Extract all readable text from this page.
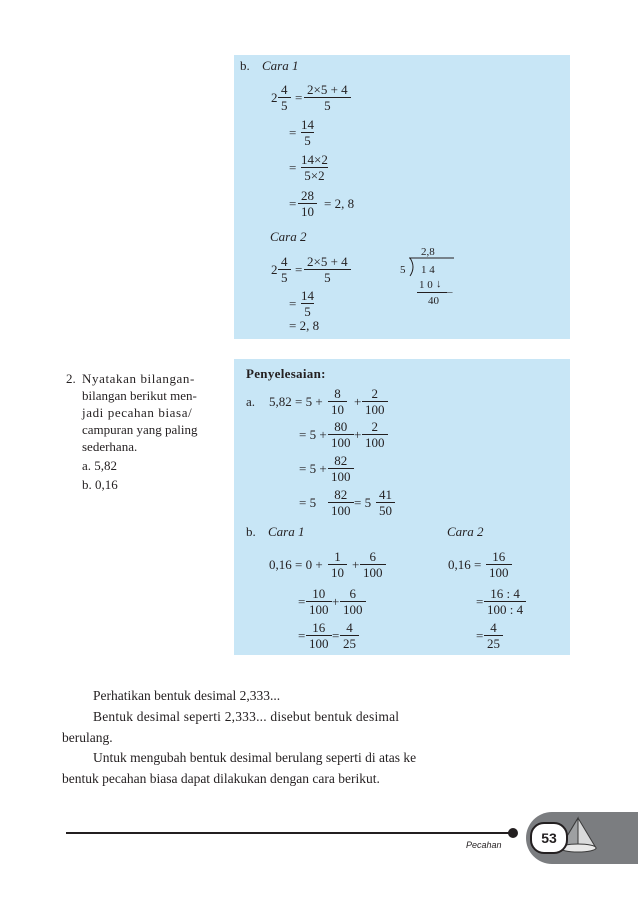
b. Cara 1
$2 \frac{4}{5} = \frac{2\times 5 + 4}{5}$
= $\frac{14}{5}$
= $\frac{14\times 2}{5\times 2}$
= $\frac{28}{10} = 2$, 8
Cara 2
$2 \frac{4}{5} = \frac{2\times 5 + 4}{5}$
= $\frac{14}{5}$
= 2, 8
2,8
5 1 4
1 0 ↓
–
40
2. Nyatakan bilangan-
bilangan berikut men-
jadi pecahan biasa/
campuran yang paling
sederhana.
a. 5,82
b. 0,16
Penyelesaian:
a. $5,82 = 5 + \frac{8}{10} + \frac{2}{100}$
= $5 + \frac{80}{100} + \frac{2}{100}$
= $5 + \frac{82}{100}$
= $5 \frac{82}{100} = 5 \frac{41}{50}$
b. Cara 1	Cara 2
$0,16 = 0 + \frac{1}{10} + \frac{6}{100}$
= $\frac{10}{100} + \frac{6}{100}$
= $\frac{16}{100} = \frac{4}{25}$
$0,16 = \frac{16}{100}$
= $\frac{16 : 4}{100 : 4}$
= $\frac{4}{25}$
Perhatikan bentuk desimal 2,333...
Bentuk desimal seperti 2,333... disebut bentuk desimal
berulang.
Untuk mengubah bentuk desimal berulang seperti di atas ke
bentuk pecahan biasa dapat dilakukan dengan cara berikut.
Pecahan	53
